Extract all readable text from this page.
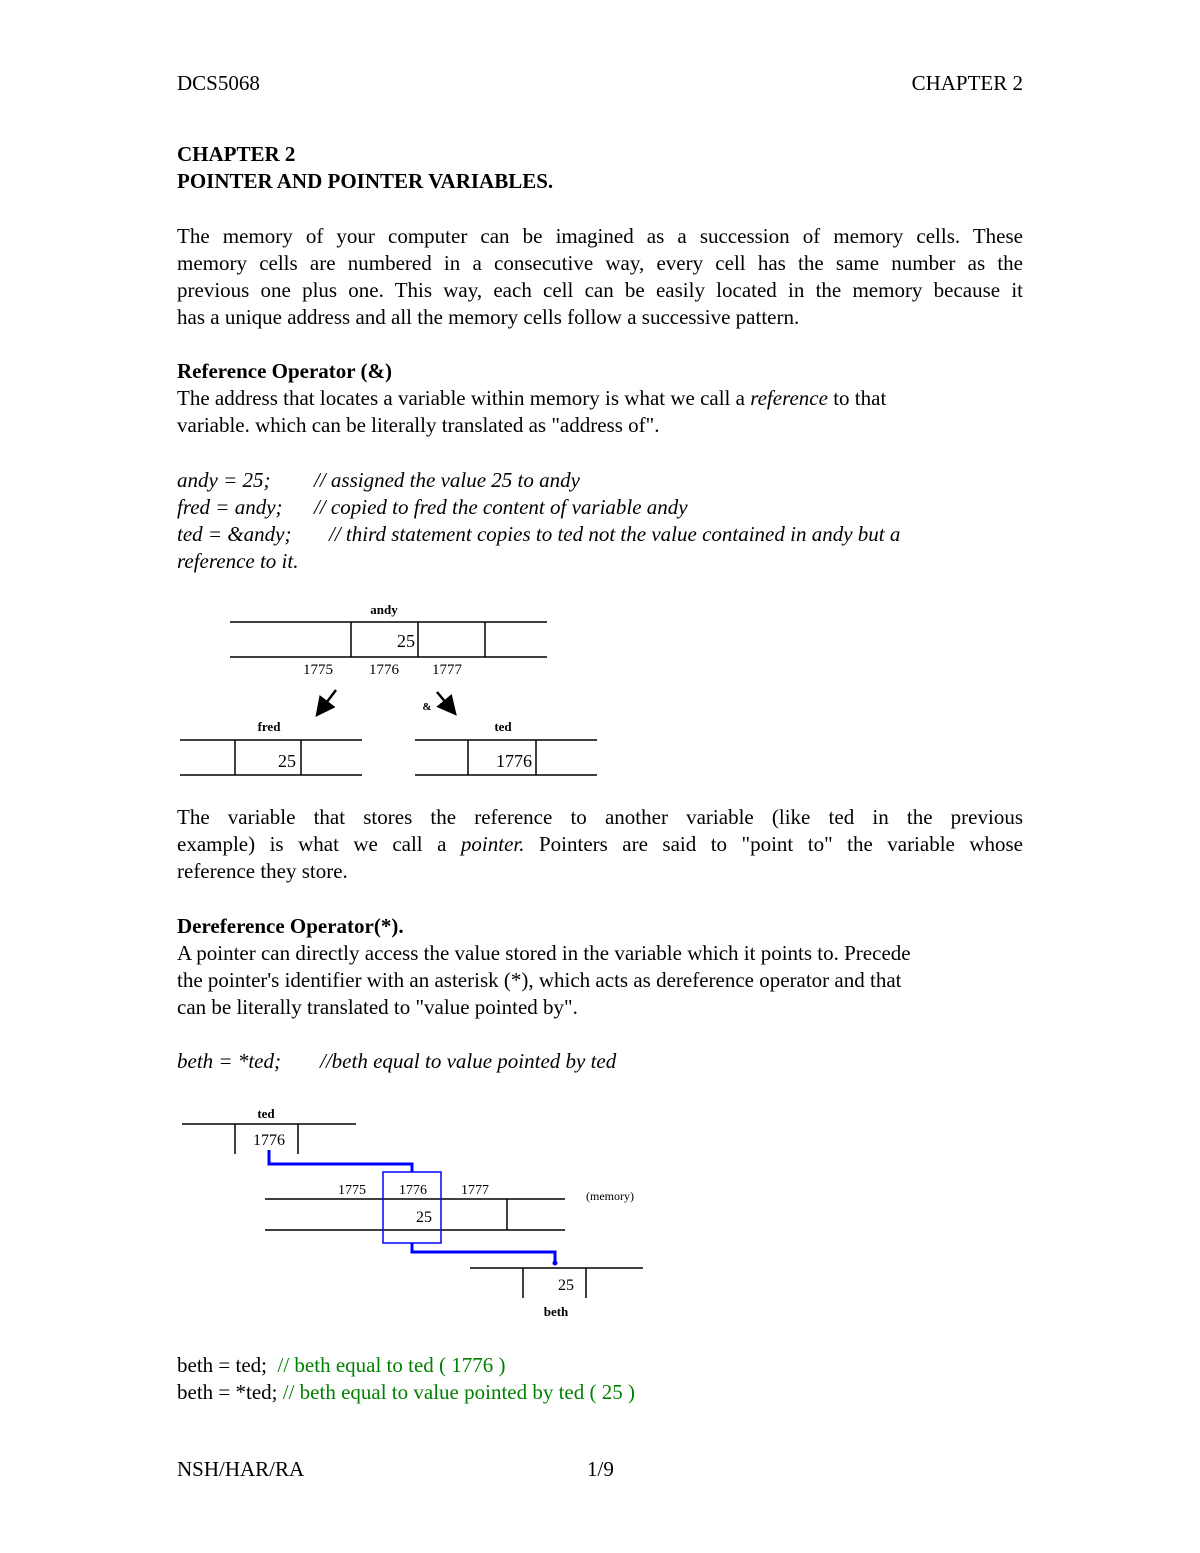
DCS5068	CHAPTER 2
CHAPTER 2
POINTER AND POINTER VARIABLES.
The memory of your computer can be imagined as a succession of memory cells. These
memory cells are numbered in a consecutive way, every cell has the same number as the
previous one plus one. This way, each cell can be easily located in the memory because it
has a unique address and all the memory cells follow a successive pattern.
Reference Operator (&)
The address that locates a variable within memory is what we call a reference to that
variable. which can be literally translated as "address of".
andy = 25; // assigned the value 25 to andy
fred = andy; // copied to fred the content of variable andy
ted = &andy; // third statement copies to ted not the value contained in andy but a
reference to it.
andy
25
1775 1776 1777
&
fred
25
ted
1776
ted
1776
1775 1776 1777	(memory)
25
25
beth
The variable that stores the reference to another variable (like ted in the previous
example) is what we call a pointer. Pointers are said to "point to" the variable whose
reference they store.
Dereference Operator(*).
A pointer can directly access the value stored in the variable which it points to. Precede
the pointer's identifier with an asterisk (*), which acts as dereference operator and that
can be literally translated to "value pointed by".
beth = *ted; //beth equal to value pointed by ted
beth = ted; // beth equal to ted ( 1776 )
beth = *ted; // beth equal to value pointed by ted ( 25 )
NSH/HAR/RA	1/9
